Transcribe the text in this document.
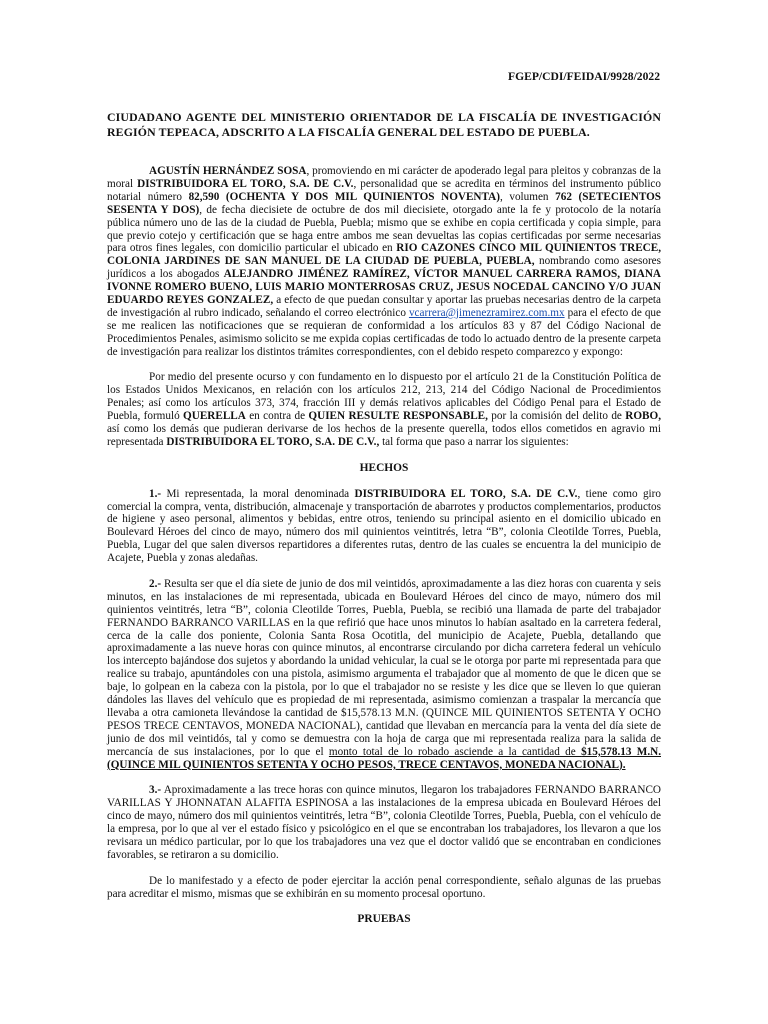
FGEP/CDI/FEIDAI/9928/2022
CIUDADANO AGENTE DEL MINISTERIO ORIENTADOR DE LA FISCALÍA DE INVESTIGACIÓN REGIÓN TEPEACA, ADSCRITO A LA FISCALÍA GENERAL DEL ESTADO DE PUEBLA.

AGUSTÍN HERNÁNDEZ SOSA, promoviendo en mi carácter de apoderado legal para pleitos y cobranzas de la moral DISTRIBUIDORA EL TORO, S.A. DE C.V., personalidad que se acredita en términos del instrumento público notarial número 82,590 (OCHENTA Y DOS MIL QUINIENTOS NOVENTA), volumen 762 (SETECIENTOS SESENTA Y DOS), de fecha diecisiete de octubre de dos mil diecisiete, otorgado ante la fe y protocolo de la notaría pública número uno de las de la ciudad de Puebla, Puebla; mismo que se exhibe en copia certificada y copia simple, para que previo cotejo y certificación que se haga entre ambos me sean devueltas las copias certificadas por serme necesarias para otros fines legales, con domicilio particular el ubicado en RIO CAZONES CINCO MIL QUINIENTOS TRECE, COLONIA JARDINES DE SAN MANUEL DE LA CIUDAD DE PUEBLA, PUEBLA, nombrando como asesores jurídicos a los abogados ALEJANDRO JIMÉNEZ RAMÍREZ, VÍCTOR MANUEL CARRERA RAMOS, DIANA IVONNE ROMERO BUENO, LUIS MARIO MONTERROSAS CRUZ, JESUS NOCEDAL CANCINO Y/O JUAN EDUARDO REYES GONZALEZ, a efecto de que puedan consultar y aportar las pruebas necesarias dentro de la carpeta de investigación al rubro indicado, señalando el correo electrónico vcarrera@jimenezramirez.com.mx para el efecto de que se me realicen las notificaciones que se requieran de conformidad a los artículos 83 y 87 del Código Nacional de Procedimientos Penales, asimismo solicito se me expida copias certificadas de todo lo actuado dentro de la presente carpeta de investigación para realizar los distintos trámites correspondientes, con el debido respeto comparezco y expongo:

Por medio del presente ocurso y con fundamento en lo dispuesto por el artículo 21 de la Constitución Política de los Estados Unidos Mexicanos, en relación con los artículos 212, 213, 214 del Código Nacional de Procedimientos Penales; así como los artículos 373, 374, fracción III y demás relativos aplicables del Código Penal para el Estado de Puebla, formuló QUERELLA en contra de QUIEN RESULTE RESPONSABLE, por la comisión del delito de ROBO, así como los demás que pudieran derivarse de los hechos de la presente querella, todos ellos cometidos en agravio mi representada DISTRIBUIDORA EL TORO, S.A. DE C.V., tal forma que paso a narrar los siguientes:

HECHOS

1.- Mi representada, la moral denominada DISTRIBUIDORA EL TORO, S.A. DE C.V., tiene como giro comercial la compra, venta, distribución, almacenaje y transportación de abarrotes y productos complementarios, productos de higiene y aseo personal, alimentos y bebidas, entre otros, teniendo su principal asiento en el domicilio ubicado en Boulevard Héroes del cinco de mayo, número dos mil quinientos veintitrés, letra “B”, colonia Cleotilde Torres, Puebla, Puebla, Lugar del que salen diversos repartidores a diferentes rutas, dentro de las cuales se encuentra la del municipio de Acajete, Puebla y zonas aledañas.

2.- Resulta ser que el día siete de junio de dos mil veintidós, aproximadamente a las diez horas con cuarenta y seis minutos, en las instalaciones de mi representada, ubicada en Boulevard Héroes del cinco de mayo, número dos mil quinientos veintitrés, letra “B”, colonia Cleotilde Torres, Puebla, Puebla, se recibió una llamada de parte del trabajador FERNANDO BARRANCO VARILLAS en la que refirió que hace unos minutos lo habían asaltado en la carretera federal, cerca de la calle dos poniente, Colonia Santa Rosa Ocotitla, del municipio de Acajete, Puebla, detallando que aproximadamente a las nueve horas con quince minutos, al encontrarse circulando por dicha carretera federal un vehículo los intercepto bajándose dos sujetos y abordando la unidad vehicular, la cual se le otorga por parte mi representada para que realice su trabajo, apuntándoles con una pistola, asimismo argumenta el trabajador que al momento de que le dicen que se baje, lo golpean en la cabeza con la pistola, por lo que el trabajador no se resiste y les dice que se lleven lo que quieran dándoles las llaves del vehículo que es propiedad de mi representada, asimismo comienzan a traspalar la mercancía que llevaba a otra camioneta llevándose la cantidad de $15,578.13 M.N. (QUINCE MIL QUINIENTOS SETENTA Y OCHO PESOS TRECE CENTAVOS, MONEDA NACIONAL), cantidad que llevaban en mercancía para la venta del día siete de junio de dos mil veintidós, tal y como se demuestra con la hoja de carga que mi representada realiza para la salida de mercancía de sus instalaciones, por lo que el monto total de lo robado asciende a la cantidad de $15,578.13 M.N. (QUINCE MIL QUINIENTOS SETENTA Y OCHO PESOS, TRECE CENTAVOS, MONEDA NACIONAL).

3.- Aproximadamente a las trece horas con quince minutos, llegaron los trabajadores FERNANDO BARRANCO VARILLAS Y JHONNATAN ALAFITA ESPINOSA a las instalaciones de la empresa ubicada en Boulevard Héroes del cinco de mayo, número dos mil quinientos veintitrés, letra “B”, colonia Cleotilde Torres, Puebla, Puebla, con el vehículo de la empresa, por lo que al ver el estado físico y psicológico en el que se encontraban los trabajadores, los llevaron a que los revisara un médico particular, por lo que los trabajadores una vez que el doctor validó que se encontraban en condiciones favorables, se retiraron a su domicilio.

De lo manifestado y a efecto de poder ejercitar la acción penal correspondiente, señalo algunas de las pruebas para acreditar el mismo, mismas que se exhibirán en su momento procesal oportuno.

PRUEBAS
